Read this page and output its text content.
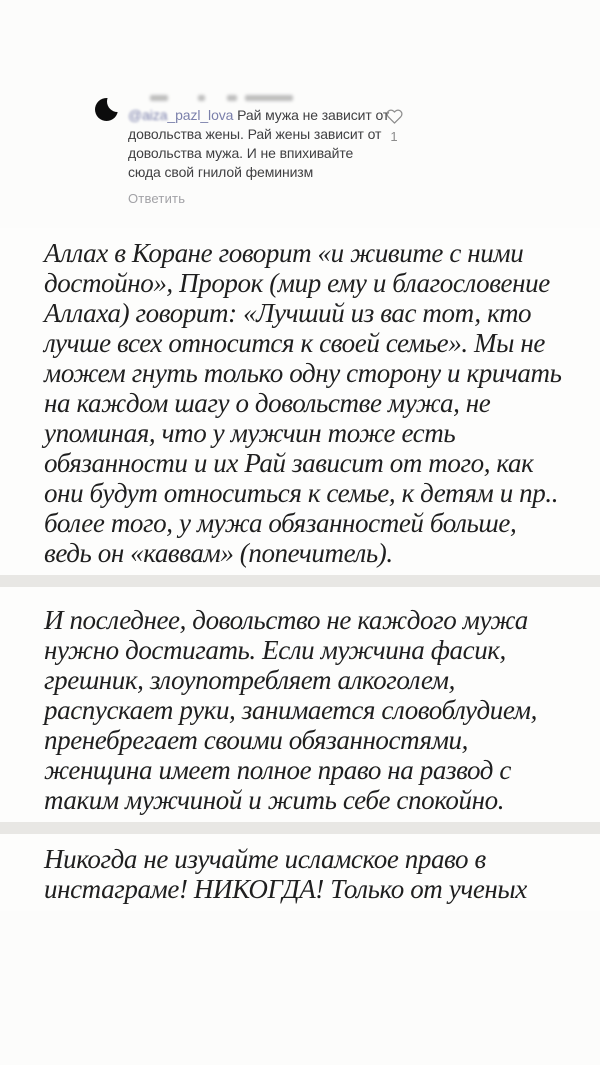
@aiza_pazl_lova Рай мужа не зависит от
довольства жены. Рай жены зависит от
довольства мужа. И не впихивайте
сюда свой гнилой феминизм
Ответить
1
Аллах в Коране говорит «и живите с ними
достойно», Пророк (мир ему и благословение
Аллаха) говорит: «Лучший из вас тот, кто
лучше всех относится к своей семье». Мы не
можем гнуть только одну сторону и кричать
на каждом шагу о довольстве мужа, не
упоминая, что у мужчин тоже есть
обязанности и их Рай зависит от того, как
они будут относиться к семье, к детям и пр..
более того, у мужа обязанностей больше,
ведь он «каввам» (попечитель).
И последнее, довольство не каждого мужа
нужно достигать. Если мужчина фасик,
грешник, злоупотребляет алкоголем,
распускает руки, занимается словоблудием,
пренебрегает своими обязанностями,
женщина имеет полное право на развод с
таким мужчиной и жить себе спокойно.
Никогда не изучайте исламское право в
инстаграме! НИКОГДА! Только от ученых
